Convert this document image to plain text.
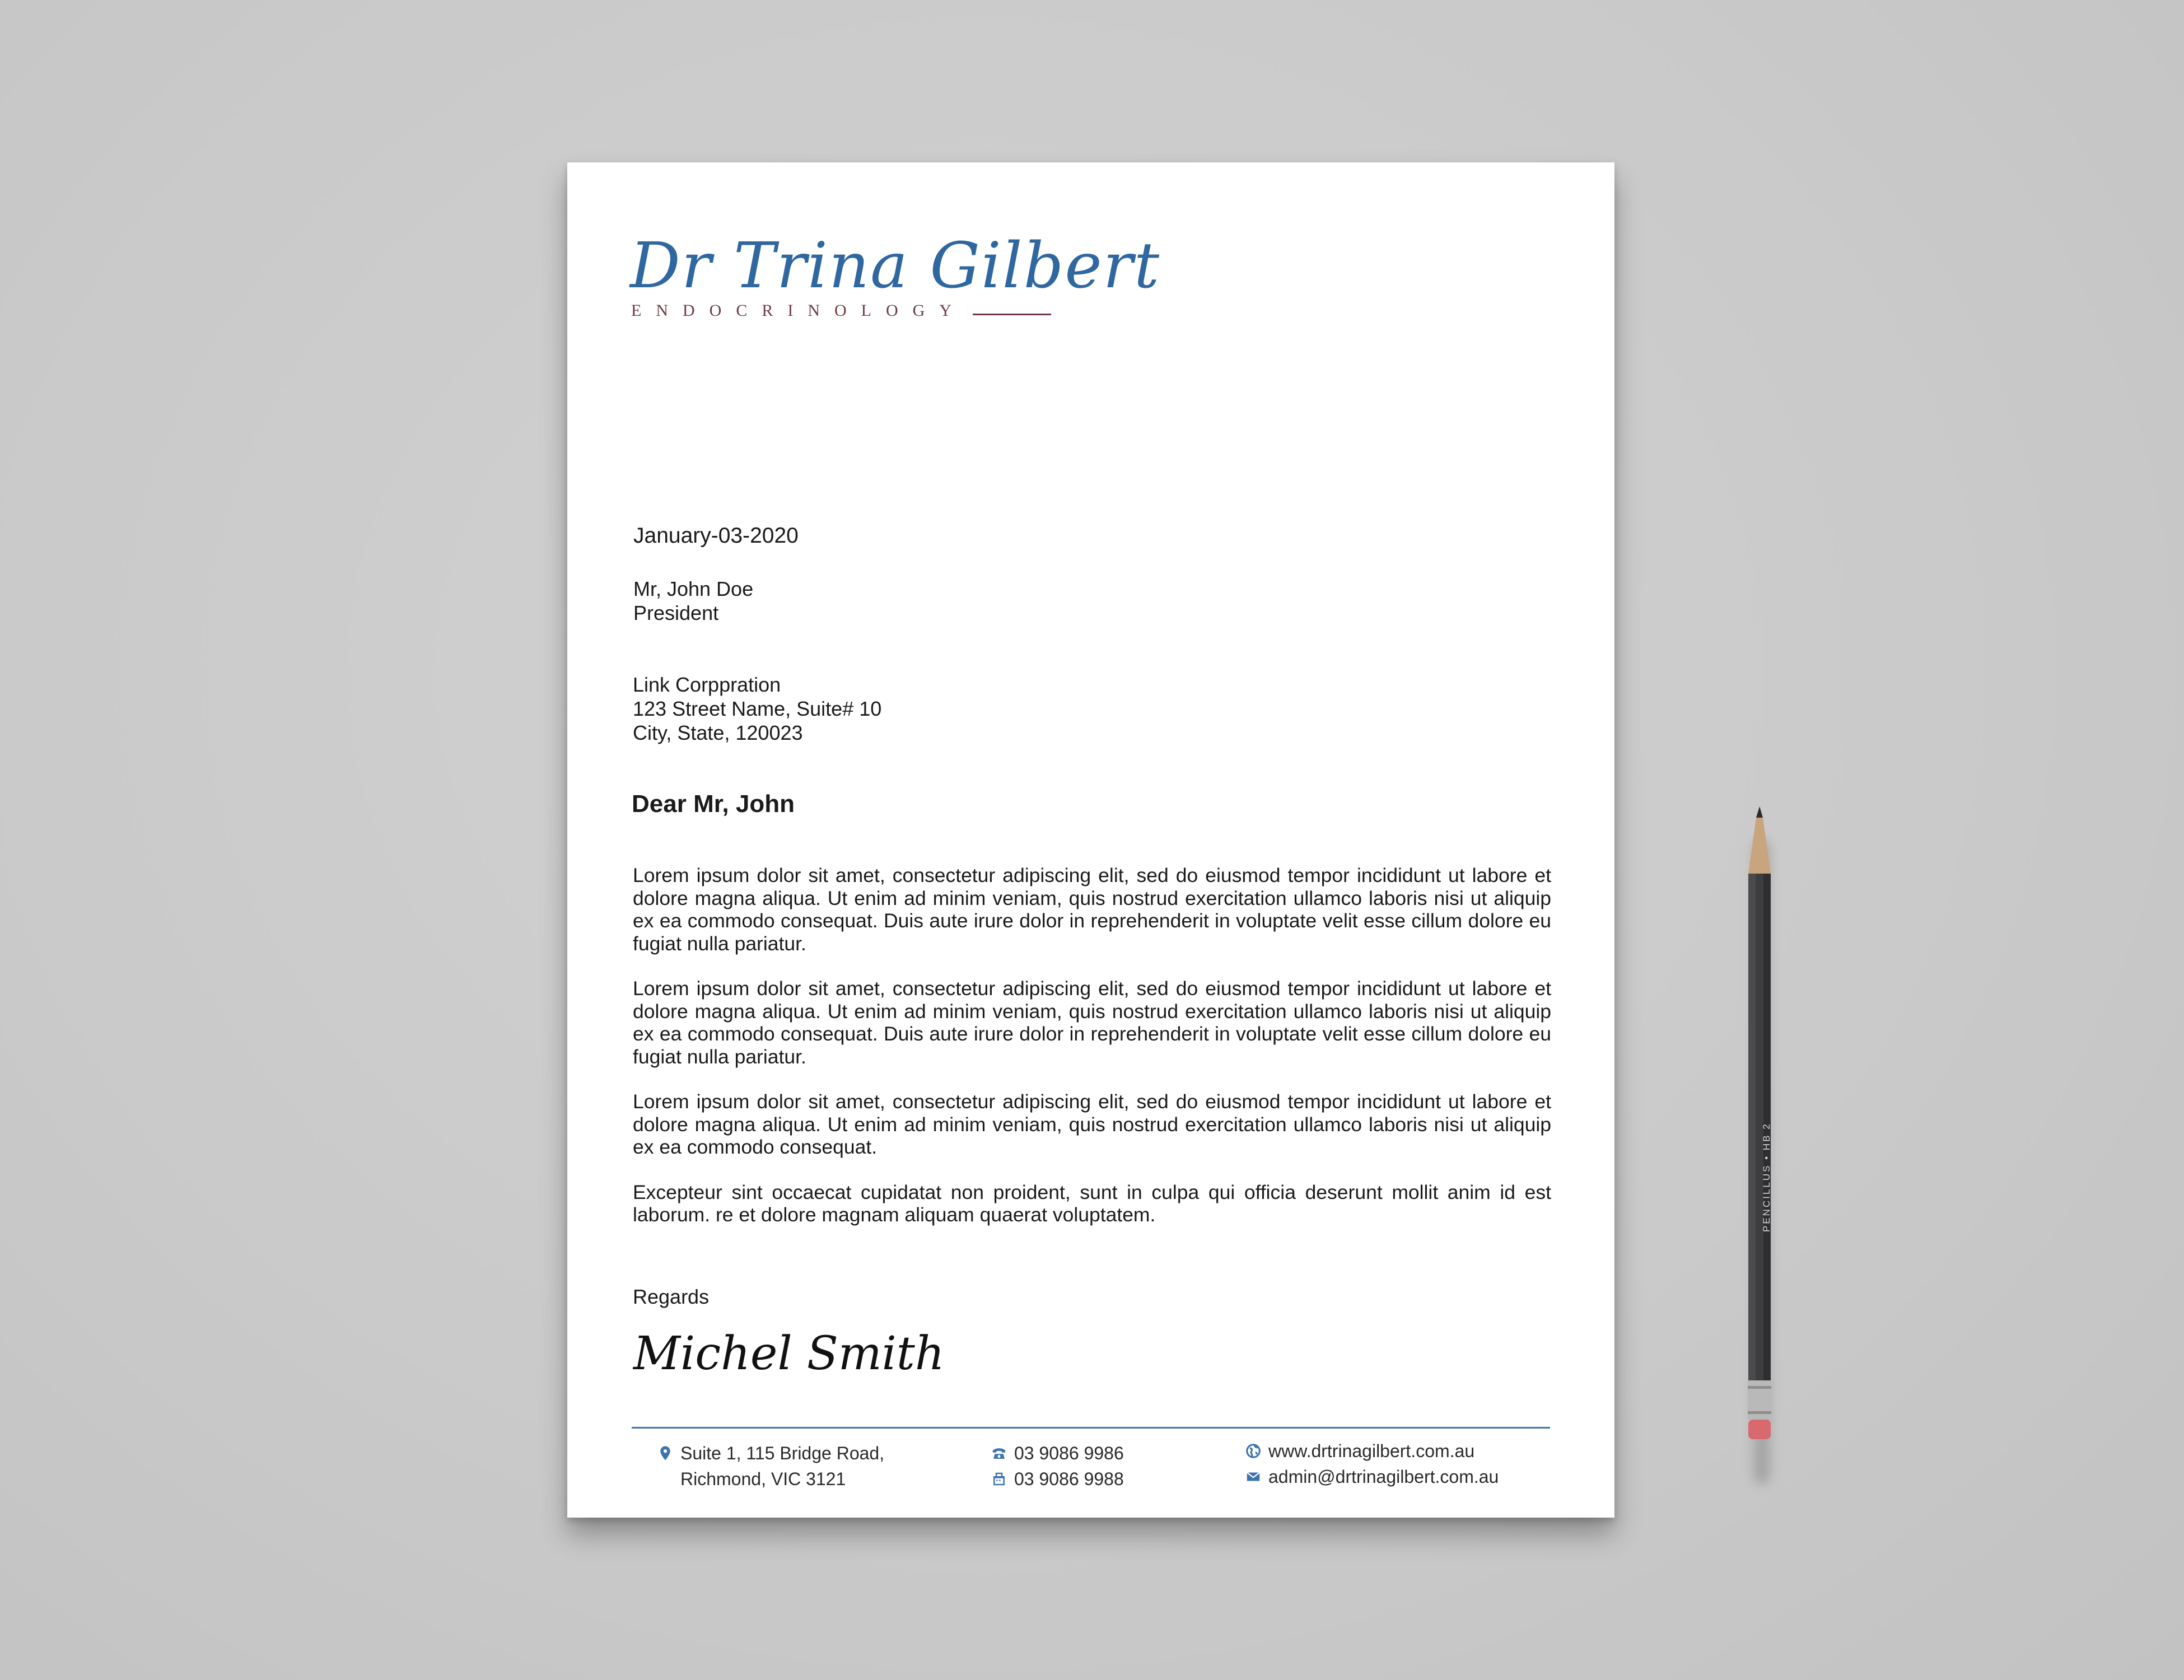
PENCILLUS • HB 2
Dr Trina Gilbert
ENDOCRINOLOGY
January-03-2020
Mr, John Doe
President
Link Corppration
123 Street Name, Suite# 10
City, State, 120023
Dear Mr, John

Lorem ipsum dolor sit amet, consectetur adipiscing elit, sed do eiusmod tempor incididunt ut labore et dolore magna aliqua. Ut enim ad minim veniam, quis nostrud exercitation ullamco laboris nisi ut aliquip ex ea commodo consequat. Duis aute irure dolor in reprehenderit in voluptate velit esse cillum dolore eu fugiat nulla pariatur.

Lorem ipsum dolor sit amet, consectetur adipiscing elit, sed do eiusmod tempor incididunt ut labore et dolore magna aliqua. Ut enim ad minim veniam, quis nostrud exercitation ullamco laboris nisi ut aliquip ex ea commodo consequat. Duis aute irure dolor in reprehenderit in voluptate velit esse cillum dolore eu fugiat nulla pariatur.

Lorem ipsum dolor sit amet, consectetur adipiscing elit, sed do eiusmod tempor incididunt ut labore et dolore magna aliqua. Ut enim ad minim veniam, quis nostrud exercitation ullamco laboris nisi ut aliquip ex ea commodo consequat.

Excepteur sint occaecat cupidatat non proident, sunt in culpa qui officia deserunt mollit anim id est laborum. re et dolore magnam aliquam quaerat voluptatem.

Regards
Michel Smith
Suite 1, 115 Bridge Road,
Richmond, VIC 3121
03 9086 9986
03 9086 9988
www.drtrinagilbert.com.au
admin@drtrinagilbert.com.au
